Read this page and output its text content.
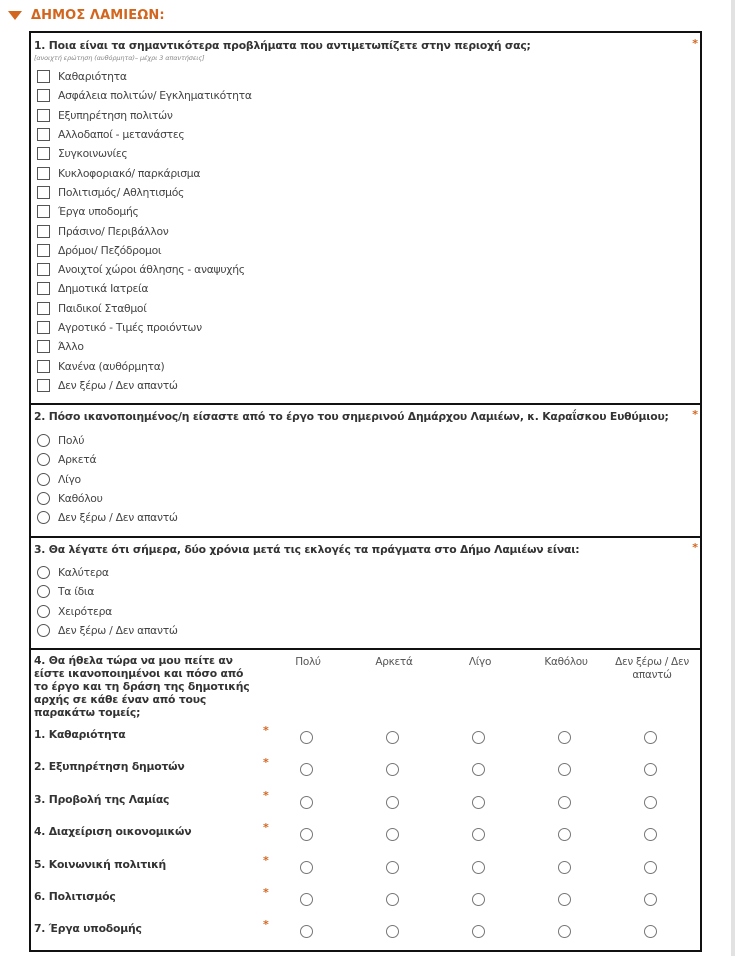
ΔΗΜΟΣ ΛΑΜΙΕΩΝ:
1. Ποια είναι τα σημαντικότερα προβλήματα που αντιμετωπίζετε στην περιοχή σας;
[ανοιχτή ερώτηση (αυθόρμητα)– μέχρι 3 απαντήσεις]
*
Καθαριότητα
Ασφάλεια πολιτών/ Εγκληματικότητα
Εξυπηρέτηση πολιτών
Αλλοδαποί - μετανάστες
Συγκοινωνίες
Κυκλοφοριακό/ παρκάρισμα
Πολιτισμός/ Αθλητισμός
Έργα υποδομής
Πράσινο/ Περιβάλλον
Δρόμοι/ Πεζόδρομοι
Ανοιχτοί χώροι άθλησης - αναψυχής
Δημοτικά Ιατρεία
Παιδικοί Σταθμοί
Αγροτικό - Τιμές προιόντων
Άλλο
Κανένα (αυθόρμητα)
Δεν ξέρω / Δεν απαντώ
2. Πόσο ικανοποιημένος/η είσαστε από το έργο του σημερινού Δημάρχου Λαμιέων, κ. Καραΐσκου Ευθύμιου; *
Πολύ
Αρκετά
Λίγο
Καθόλου
Δεν ξέρω / Δεν απαντώ
3. Θα λέγατε ότι σήμερα, δύο χρόνια μετά τις εκλογές τα πράγματα στο Δήμο Λαμιέων είναι:	*
Καλύτερα
Τα ίδια
Χειρότερα
Δεν ξέρω / Δεν απαντώ
4. Θα ήθελα τώρα να μου πείτε αν είστε ικανοποιημένοι και πόσο από το έργο και τη δράση της δημοτικής αρχής σε κάθε έναν από τους παρακάτω τομείς;
Πολύ	Αρκετά	Λίγο	Καθόλου	Δεν ξέρω / Δεν απαντώ
1. Καθαριότητα	*
2. Εξυπηρέτηση δημοτών	*
3. Προβολή της Λαμίας	*
4. Διαχείριση οικονομικών	*
5. Κοινωνική πολιτική	*
6. Πολιτισμός	*
7. Έργα υποδομής	*
